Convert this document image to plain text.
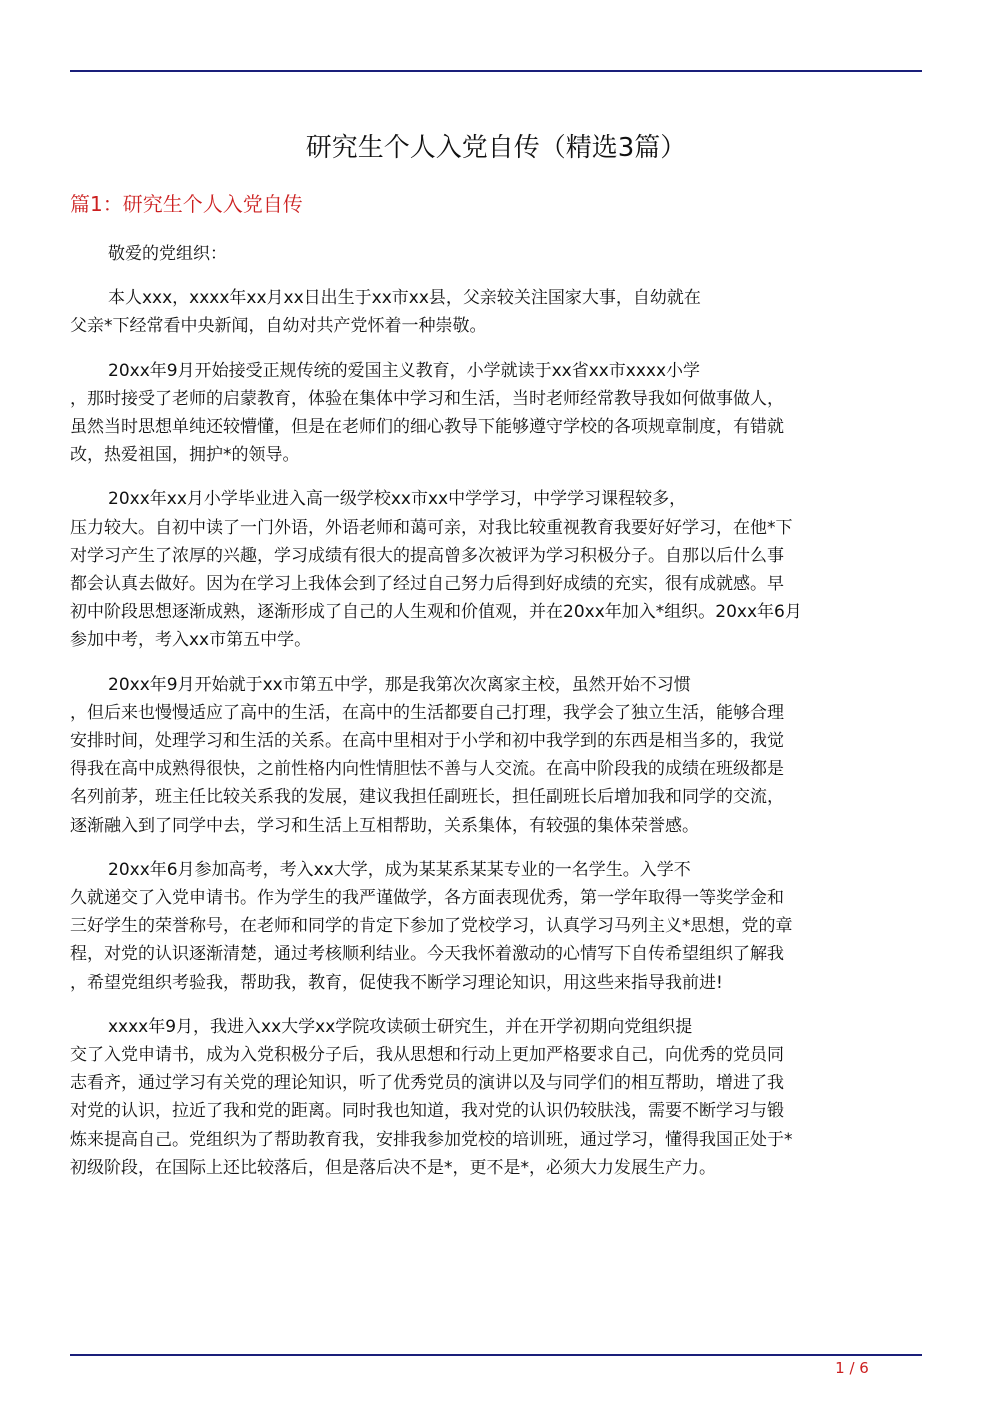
研究生个人入党自传（精选3篇）
篇1：研究生个人入党自传

敬爱的党组织：

本人xxx，xxxx年xx月xx日出生于xx市xx县，父亲较关注国家大事，自幼就在
父亲*下经常看中央新闻，自幼对共产党怀着一种崇敬。

20xx年9月开始接受正规传统的爱国主义教育，小学就读于xx省xx市xxxx小学
，那时接受了老师的启蒙教育，体验在集体中学习和生活，当时老师经常教导我如何做事做人，
虽然当时思想单纯还较懵懂，但是在老师们的细心教导下能够遵守学校的各项规章制度，有错就
改，热爱祖国，拥护*的领导。

20xx年xx月小学毕业进入高一级学校xx市xx中学学习，中学学习课程较多，
压力较大。自初中读了一门外语，外语老师和蔼可亲，对我比较重视教育我要好好学习，在他*下
对学习产生了浓厚的兴趣，学习成绩有很大的提高曾多次被评为学习积极分子。自那以后什么事
都会认真去做好。因为在学习上我体会到了经过自己努力后得到好成绩的充实，很有成就感。早
初中阶段思想逐渐成熟，逐渐形成了自己的人生观和价值观，并在20xx年加入*组织。20xx年6月
参加中考，考入xx市第五中学。

20xx年9月开始就于xx市第五中学，那是我第次次离家主校，虽然开始不习惯
，但后来也慢慢适应了高中的生活，在高中的生活都要自己打理，我学会了独立生活，能够合理
安排时间，处理学习和生活的关系。在高中里相对于小学和初中我学到的东西是相当多的，我觉
得我在高中成熟得很快，之前性格内向性情胆怯不善与人交流。在高中阶段我的成绩在班级都是
名列前茅，班主任比较关系我的发展，建议我担任副班长，担任副班长后增加我和同学的交流，
逐渐融入到了同学中去，学习和生活上互相帮助，关系集体，有较强的集体荣誉感。

20xx年6月参加高考，考入xx大学，成为某某系某某专业的一名学生。入学不
久就递交了入党申请书。作为学生的我严谨做学，各方面表现优秀，第一学年取得一等奖学金和
三好学生的荣誉称号，在老师和同学的肯定下参加了党校学习，认真学习马列主义*思想，党的章
程，对党的认识逐渐清楚，通过考核顺利结业。今天我怀着激动的心情写下自传希望组织了解我
，希望党组织考验我，帮助我，教育，促使我不断学习理论知识，用这些来指导我前进!

xxxx年9月，我进入xx大学xx学院攻读硕士研究生，并在开学初期向党组织提
交了入党申请书，成为入党积极分子后，我从思想和行动上更加严格要求自己，向优秀的党员同
志看齐，通过学习有关党的理论知识，听了优秀党员的演讲以及与同学们的相互帮助，增进了我
对党的认识，拉近了我和党的距离。同时我也知道，我对党的认识仍较肤浅，需要不断学习与锻
炼来提高自己。党组织为了帮助教育我，安排我参加党校的培训班，通过学习，懂得我国正处于*
初级阶段，在国际上还比较落后，但是落后决不是*，更不是*，必须大力发展生产力。

1 / 6
